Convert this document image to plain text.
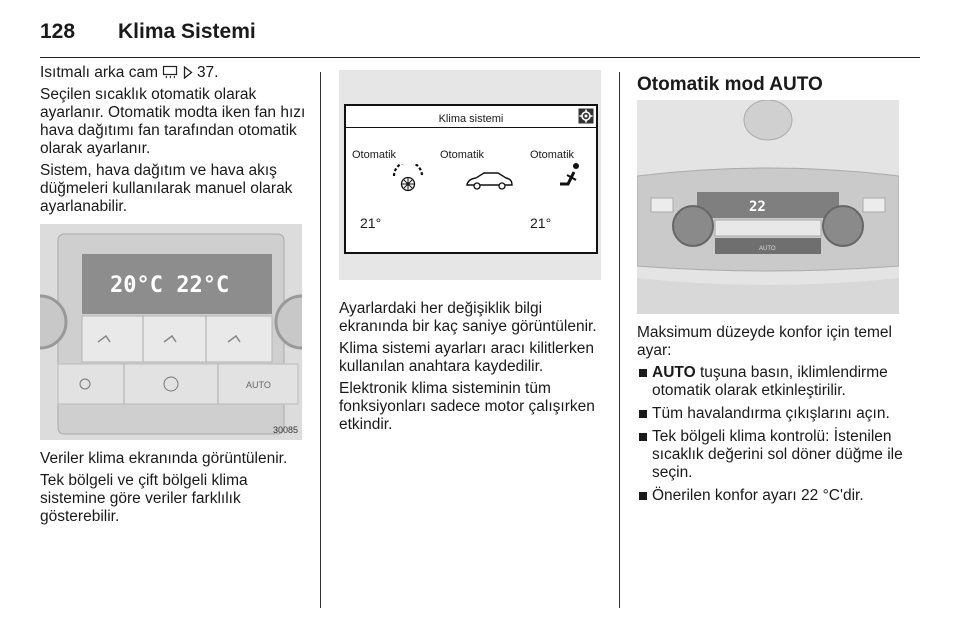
128 Klima Sistemi

Isıtmalı arka cam	37.

Seçilen sıcaklık otomatik olarak ayarlanır. Otomatik modta iken fan hızı hava dağıtımı fan tarafından otomatik olarak ayarlanır.

Sistem, hava dağıtım ve hava akış düğmeleri kullanılarak manuel olarak ayarlanabilir.

20°C 22°C
AUTO
30085

Veriler klima ekranında görüntülenir.

Tek bölgeli ve çift bölgeli klima sistemine göre veriler farklılık gösterebilir.

Klima sistemi
Otomatik	Otomatik	Otomatik
21°	21°

Ayarlardaki her değişiklik bilgi ekranında bir kaç saniye görüntülenir.

Klima sistemi ayarları aracı kilitlerken kullanılan anahtara kaydedilir.

Elektronik klima sisteminin tüm fonksiyonları sadece motor çalışırken etkindir.

Otomatik mod AUTO
22
AUTO

Maksimum düzeyde konfor için temel ayar:

AUTO tuşuna basın, iklimlendirme otomatik olarak etkinleştirilir.
Tüm havalandırma çıkışlarını açın.
Tek bölgeli klima kontrolü: İstenilen sıcaklık değerini sol döner düğme ile seçin.
Önerilen konfor ayarı 22 °C'dir.
